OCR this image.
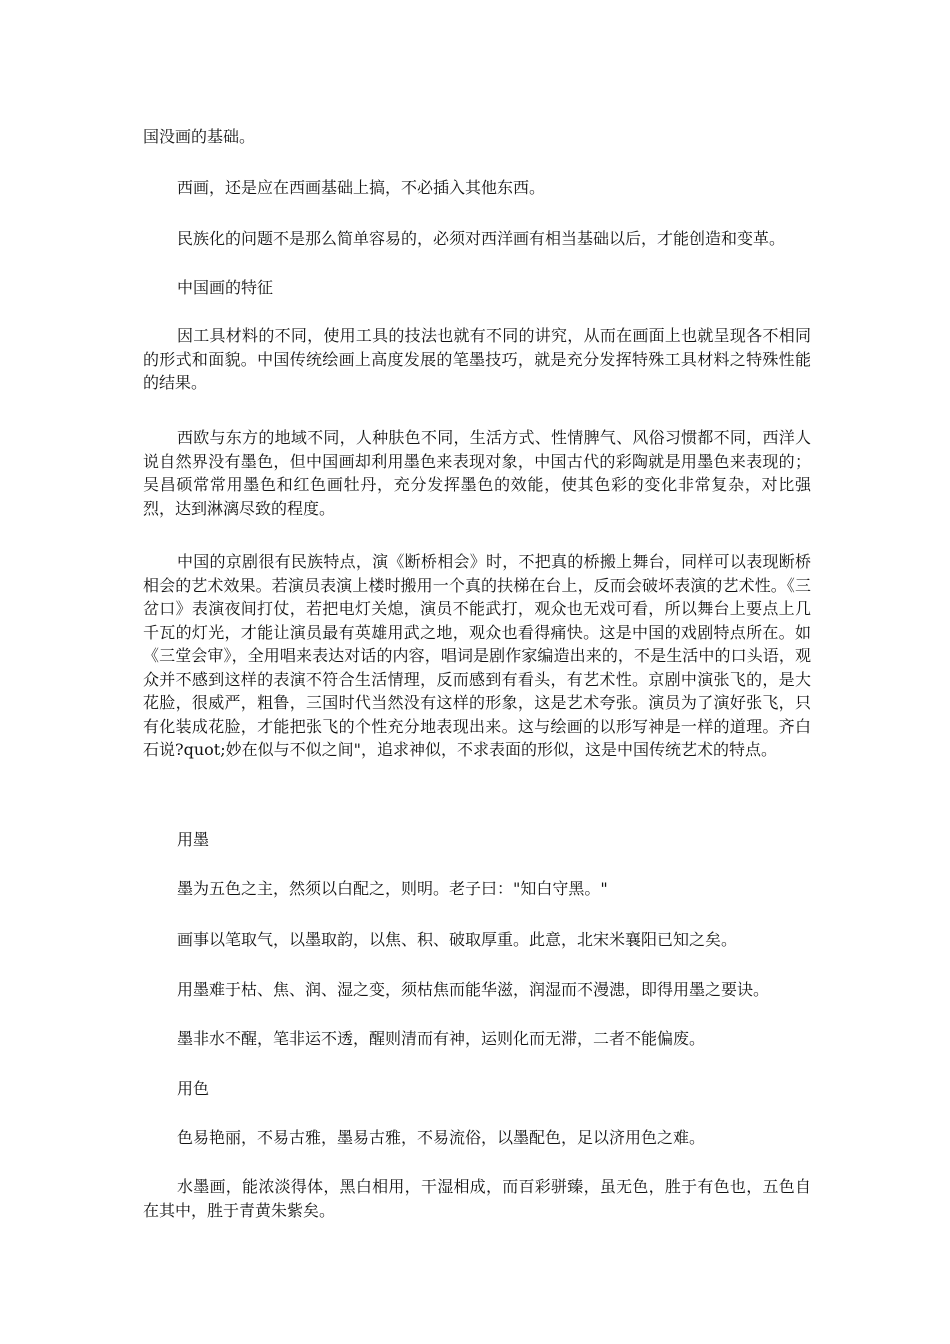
国没画的基础。

西画，还是应在西画基础上搞，不必插入其他东西。

民族化的问题不是那么简单容易的，必须对西洋画有相当基础以后，才能创造和变革。

中国画的特征

因工具材料的不同，使用工具的技法也就有不同的讲究，从而在画面上也就呈现各不相同的形式和面貌。中国传统绘画上高度发展的笔墨技巧，就是充分发挥特殊工具材料之特殊性能的结果。

西欧与东方的地域不同，人种肤色不同，生活方式、性情脾气、风俗习惯都不同，西洋人说自然界没有墨色，但中国画却利用墨色来表现对象，中国古代的彩陶就是用墨色来表现的；吴昌硕常常用墨色和红色画牡丹，充分发挥墨色的效能，使其色彩的变化非常复杂，对比强烈，达到淋漓尽致的程度。

中国的京剧很有民族特点，演《断桥相会》时，不把真的桥搬上舞台，同样可以表现断桥相会的艺术效果。若演员表演上楼时搬用一个真的扶梯在台上，反而会破坏表演的艺术性。《三岔口》表演夜间打仗，若把电灯关熄，演员不能武打，观众也无戏可看，所以舞台上要点上几千瓦的灯光，才能让演员最有英雄用武之地，观众也看得痛快。这是中国的戏剧特点所在。如《三堂会审》，全用唱来表达对话的内容，唱词是剧作家编造出来的，不是生活中的口头语，观众并不感到这样的表演不符合生活情理，反而感到有看头，有艺术性。京剧中演张飞的，是大花脸，很威严，粗鲁，三国时代当然没有这样的形象，这是艺术夸张。演员为了演好张飞，只有化装成花脸，才能把张飞的个性充分地表现出来。这与绘画的以形写神是一样的道理。齐白石说?quot;妙在似与不似之间"，追求神似，不求表面的形似，这是中国传统艺术的特点。

用墨

墨为五色之主，然须以白配之，则明。老子曰："知白守黑。"

画事以笔取气，以墨取韵，以焦、积、破取厚重。此意，北宋米襄阳已知之矣。

用墨难于枯、焦、润、湿之变，须枯焦而能华滋，润湿而不漫漶，即得用墨之要诀。

墨非水不醒，笔非运不透，醒则清而有神，运则化而无滞，二者不能偏废。

用色

色易艳丽，不易古雅，墨易古雅，不易流俗，以墨配色，足以济用色之难。

水墨画，能浓淡得体，黑白相用，干湿相成，而百彩骈臻，虽无色，胜于有色也，五色自在其中，胜于青黄朱紫矣。
